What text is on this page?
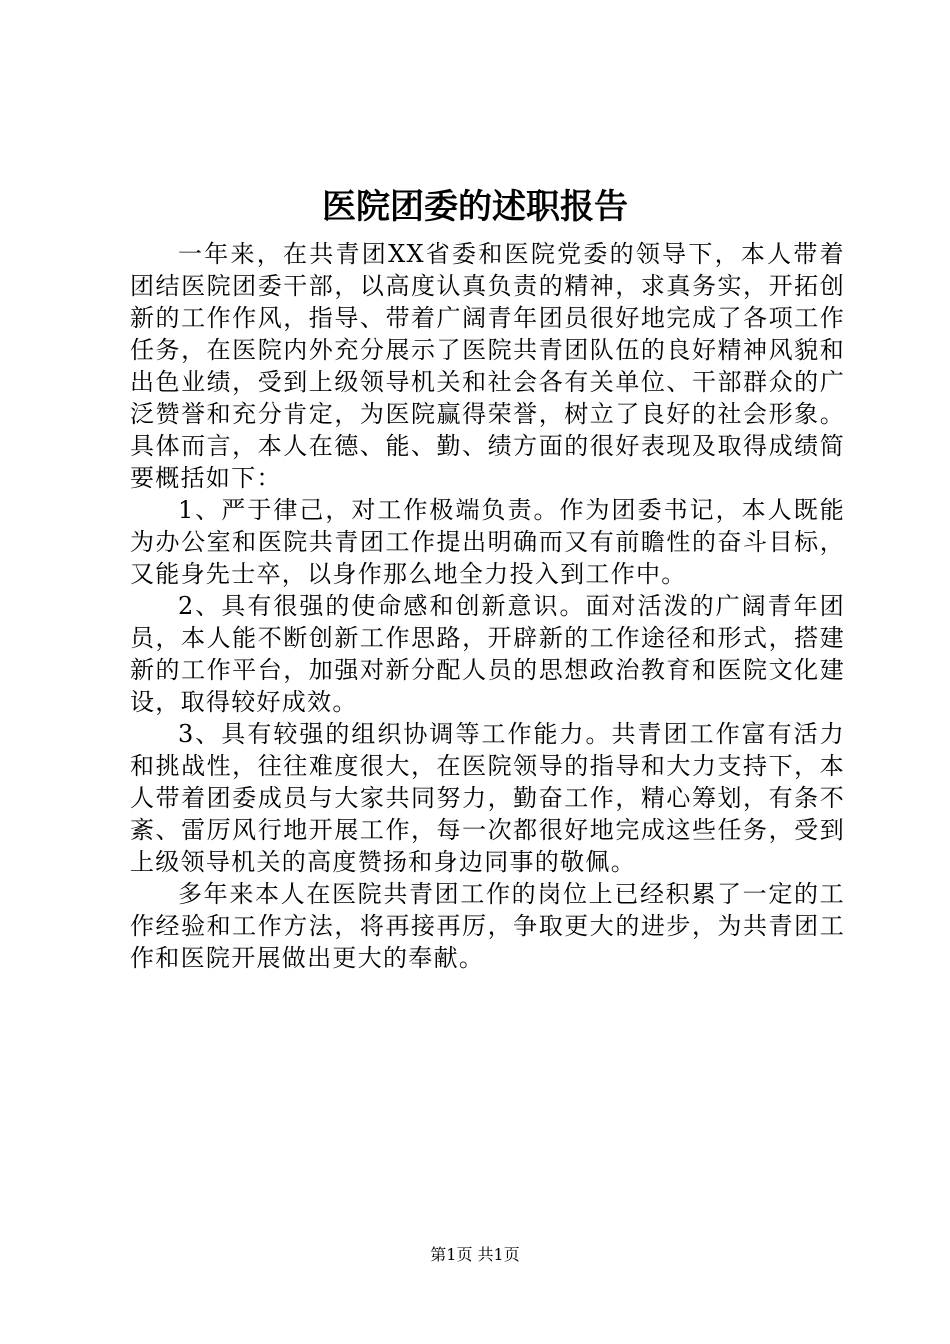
医院团委的述职报告

一年来，在共青团XX省委和医院党委的领导下，本人带着团结医院团委干部，以高度认真负责的精神，求真务实，开拓创新的工作作风，指导、带着广阔青年团员很好地完成了各项工作任务，在医院内外充分展示了医院共青团队伍的良好精神风貌和出色业绩，受到上级领导机关和社会各有关单位、干部群众的广泛赞誉和充分肯定，为医院赢得荣誉，树立了良好的社会形象。具体而言，本人在德、能、勤、绩方面的很好表现及取得成绩简要概括如下：

1、严于律己，对工作极端负责。作为团委书记，本人既能为办公室和医院共青团工作提出明确而又有前瞻性的奋斗目标，又能身先士卒，以身作那么地全力投入到工作中。

2、具有很强的使命感和创新意识。面对活泼的广阔青年团员，本人能不断创新工作思路，开辟新的工作途径和形式，搭建新的工作平台，加强对新分配人员的思想政治教育和医院文化建设，取得较好成效。

3、具有较强的组织协调等工作能力。共青团工作富有活力和挑战性，往往难度很大，在医院领导的指导和大力支持下，本人带着团委成员与大家共同努力，勤奋工作，精心筹划，有条不紊、雷厉风行地开展工作，每一次都很好地完成这些任务，受到上级领导机关的高度赞扬和身边同事的敬佩。

多年来本人在医院共青团工作的岗位上已经积累了一定的工作经验和工作方法，将再接再厉，争取更大的进步，为共青团工作和医院开展做出更大的奉献。

第1页 共1页
